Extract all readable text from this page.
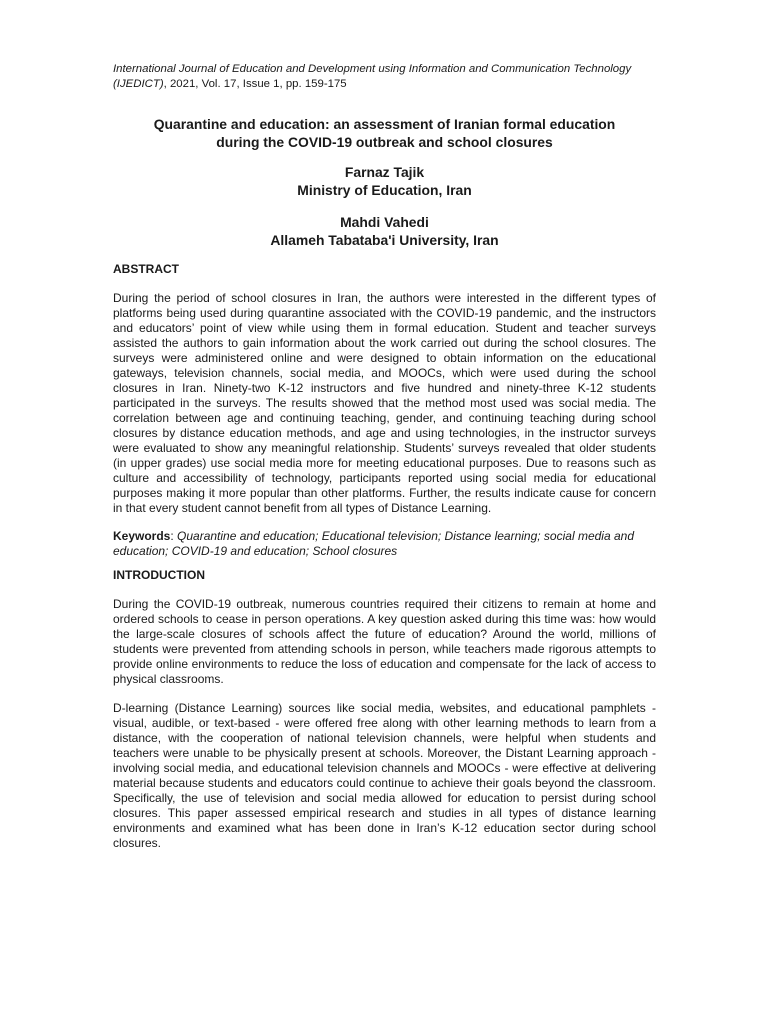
International Journal of Education and Development using Information and Communication Technology (IJEDICT), 2021, Vol. 17, Issue 1, pp. 159-175

Quarantine and education: an assessment of Iranian formal education
during the COVID-19 outbreak and school closures
Farnaz Tajik
Ministry of Education, Iran
Mahdi Vahedi
Allameh Tabataba'i University, Iran
ABSTRACT

During the period of school closures in Iran, the authors were interested in the different types of platforms being used during quarantine associated with the COVID-19 pandemic, and the instructors and educators’ point of view while using them in formal education. Student and teacher surveys assisted the authors to gain information about the work carried out during the school closures. The surveys were administered online and were designed to obtain information on the educational gateways, television channels, social media, and MOOCs, which were used during the school closures in Iran. Ninety-two K-12 instructors and five hundred and ninety-three K-12 students participated in the surveys. The results showed that the method most used was social media. The correlation between age and continuing teaching, gender, and continuing teaching during school closures by distance education methods, and age and using technologies, in the instructor surveys were evaluated to show any meaningful relationship. Students’ surveys revealed that older students (in upper grades) use social media more for meeting educational purposes. Due to reasons such as culture and accessibility of technology, participants reported using social media for educational purposes making it more popular than other platforms. Further, the results indicate cause for concern in that every student cannot benefit from all types of Distance Learning.

Keywords: Quarantine and education; Educational television; Distance learning; social media and education; COVID-19 and education; School closures

INTRODUCTION

During the COVID-19 outbreak, numerous countries required their citizens to remain at home and ordered schools to cease in person operations. A key question asked during this time was: how would the large-scale closures of schools affect the future of education? Around the world, millions of students were prevented from attending schools in person, while teachers made rigorous attempts to provide online environments to reduce the loss of education and compensate for the lack of access to physical classrooms.

D-learning (Distance Learning) sources like social media, websites, and educational pamphlets - visual, audible, or text-based - were offered free along with other learning methods to learn from a distance, with the cooperation of national television channels, were helpful when students and teachers were unable to be physically present at schools. Moreover, the Distant Learning approach - involving social media, and educational television channels and MOOCs - were effective at delivering material because students and educators could continue to achieve their goals beyond the classroom. Specifically, the use of television and social media allowed for education to persist during school closures. This paper assessed empirical research and studies in all types of distance learning environments and examined what has been done in Iran’s K-12 education sector during school closures.
